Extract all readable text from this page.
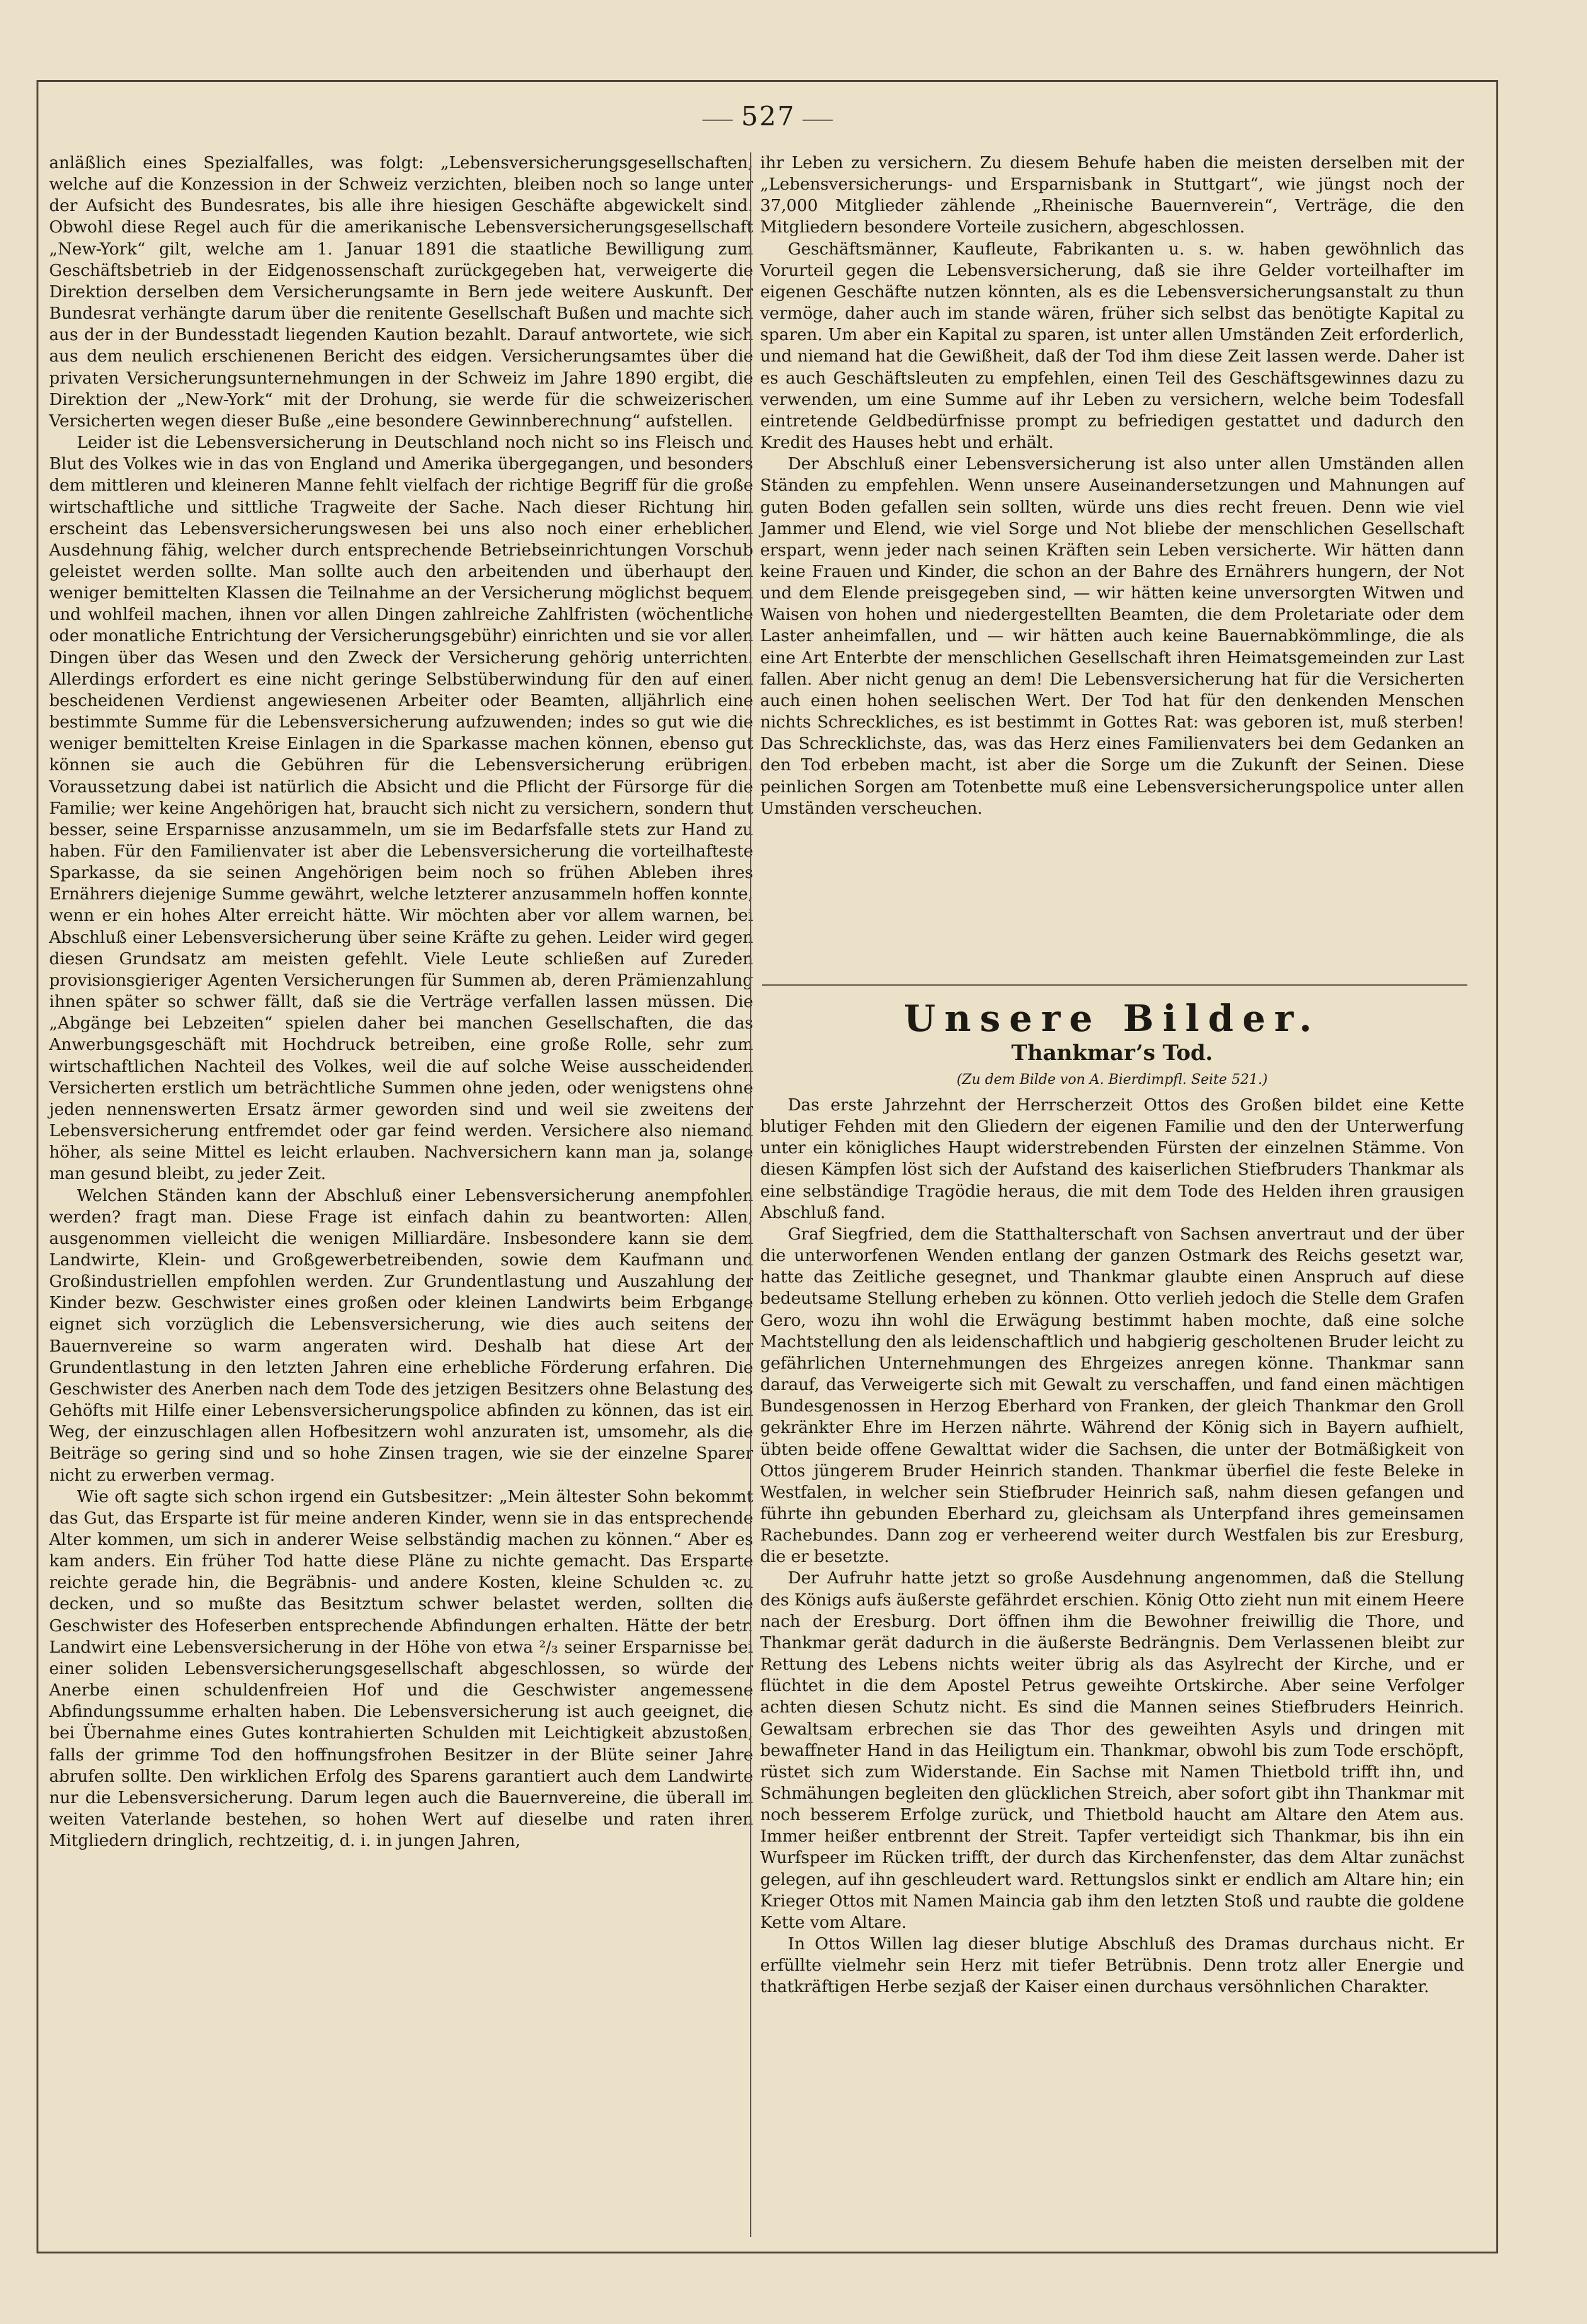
⸺ 527 ⸺

anläßlich eines Spezialfalles, was folgt: „Lebensversicherungsgesellschaften, welche auf die Konzession in der Schweiz verzichten, bleiben noch so lange unter der Aufsicht des Bundesrates, bis alle ihre hiesigen Geschäfte abgewickelt sind. Obwohl diese Regel auch für die amerikanische Lebensversicherungsgesellschaft „New-York“ gilt, welche am 1. Januar 1891 die staatliche Bewilligung zum Geschäftsbetrieb in der Eidgenossenschaft zurückgegeben hat, verweigerte die Direktion derselben dem Versicherungsamte in Bern jede weitere Auskunft. Der Bundesrat verhängte darum über die renitente Gesellschaft Bußen und machte sich aus der in der Bundesstadt liegenden Kaution bezahlt. Darauf antwortete, wie sich aus dem neulich erschienenen Bericht des eidgen. Versicherungsamtes über die privaten Versicherungsunternehmungen in der Schweiz im Jahre 1890 ergibt, die Direktion der „New-York“ mit der Drohung, sie werde für die schweizerischen Versicherten wegen dieser Buße „eine besondere Gewinnberechnung“ aufstellen.

Leider ist die Lebensversicherung in Deutschland noch nicht so ins Fleisch und Blut des Volkes wie in das von England und Amerika übergegangen, und besonders dem mittleren und kleineren Manne fehlt vielfach der richtige Begriff für die große wirtschaftliche und sittliche Tragweite der Sache. Nach dieser Richtung hin erscheint das Lebensversicherungswesen bei uns also noch einer erheblichen Ausdehnung fähig, welcher durch entsprechende Betriebseinrichtungen Vorschub geleistet werden sollte. Man sollte auch den arbeitenden und überhaupt den weniger bemittelten Klassen die Teilnahme an der Versicherung möglichst bequem und wohlfeil machen, ihnen vor allen Dingen zahlreiche Zahlfristen (wöchentliche oder monatliche Entrichtung der Versicherungsgebühr) einrichten und sie vor allen Dingen über das Wesen und den Zweck der Versicherung gehörig unterrichten. Allerdings erfordert es eine nicht geringe Selbstüberwindung für den auf einen bescheidenen Verdienst angewiesenen Arbeiter oder Beamten, alljährlich eine bestimmte Summe für die Lebensversicherung aufzuwenden; indes so gut wie die weniger bemittelten Kreise Einlagen in die Sparkasse machen können, ebenso gut können sie auch die Gebühren für die Lebensversicherung erübrigen. Voraussetzung dabei ist natürlich die Absicht und die Pflicht der Fürsorge für die Familie; wer keine Angehörigen hat, braucht sich nicht zu versichern, sondern thut besser, seine Ersparnisse anzusammeln, um sie im Bedarfsfalle stets zur Hand zu haben. Für den Familienvater ist aber die Lebensversicherung die vorteilhafteste Sparkasse, da sie seinen Angehörigen beim noch so frühen Ableben ihres Ernährers diejenige Summe gewährt, welche letzterer anzusammeln hoffen konnte, wenn er ein hohes Alter erreicht hätte. Wir möchten aber vor allem warnen, bei Abschluß einer Lebensversicherung über seine Kräfte zu gehen. Leider wird gegen diesen Grundsatz am meisten gefehlt. Viele Leute schließen auf Zureden provisionsgieriger Agenten Versicherungen für Summen ab, deren Prämienzahlung ihnen später so schwer fällt, daß sie die Verträge verfallen lassen müssen. Die „Abgänge bei Lebzeiten“ spielen daher bei manchen Gesellschaften, die das Anwerbungsgeschäft mit Hochdruck betreiben, eine große Rolle, sehr zum wirtschaftlichen Nachteil des Volkes, weil die auf solche Weise ausscheidenden Versicherten erstlich um beträchtliche Summen ohne jeden, oder wenigstens ohne jeden nennenswerten Ersatz ärmer geworden sind und weil sie zweitens der Lebensversicherung entfremdet oder gar feind werden. Versichere also niemand höher, als seine Mittel es leicht erlauben. Nachversichern kann man ja, solange man gesund bleibt, zu jeder Zeit.

Welchen Ständen kann der Abschluß einer Lebensversicherung anempfohlen werden? fragt man. Diese Frage ist einfach dahin zu beantworten: Allen, ausgenommen vielleicht die wenigen Milliardäre. Insbesondere kann sie dem Landwirte, Klein- und Großgewerbetreibenden, sowie dem Kaufmann und Großindustriellen empfohlen werden. Zur Grundentlastung und Auszahlung der Kinder bezw. Geschwister eines großen oder kleinen Landwirts beim Erbgange eignet sich vorzüglich die Lebensversicherung, wie dies auch seitens der Bauernvereine so warm angeraten wird. Deshalb hat diese Art der Grundentlastung in den letzten Jahren eine erhebliche Förderung erfahren. Die Geschwister des Anerben nach dem Tode des jetzigen Besitzers ohne Belastung des Gehöfts mit Hilfe einer Lebensversicherungspolice abfinden zu können, das ist ein Weg, der einzuschlagen allen Hofbesitzern wohl anzuraten ist, umsomehr, als die Beiträge so gering sind und so hohe Zinsen tragen, wie sie der einzelne Sparer nicht zu erwerben vermag.

Wie oft sagte sich schon irgend ein Gutsbesitzer: „Mein ältester Sohn bekommt das Gut, das Ersparte ist für meine anderen Kinder, wenn sie in das entsprechende Alter kommen, um sich in anderer Weise selbständig machen zu können.“ Aber es kam anders. Ein früher Tod hatte diese Pläne zu nichte gemacht. Das Ersparte reichte gerade hin, die Begräbnis- und andere Kosten, kleine Schulden ꝛc. zu decken, und so mußte das Besitztum schwer belastet werden, sollten die Geschwister des Hofeserben entsprechende Abfindungen erhalten. Hätte der betr. Landwirt eine Lebensversicherung in der Höhe von etwa ²/₃ seiner Ersparnisse bei einer soliden Lebensversicherungsgesellschaft abgeschlossen, so würde der Anerbe einen schuldenfreien Hof und die Geschwister angemessene Abfindungssumme erhalten haben. Die Lebensversicherung ist auch geeignet, die bei Übernahme eines Gutes kontrahierten Schulden mit Leichtigkeit abzustoßen, falls der grimme Tod den hoffnungsfrohen Besitzer in der Blüte seiner Jahre abrufen sollte. Den wirklichen Erfolg des Sparens garantiert auch dem Landwirte nur die Lebensversicherung. Darum legen auch die Bauernvereine, die überall im weiten Vaterlande bestehen, so hohen Wert auf dieselbe und raten ihren Mitgliedern dringlich, rechtzeitig, d. i. in jungen Jahren,

ihr Leben zu versichern. Zu diesem Behufe haben die meisten derselben mit der „Lebensversicherungs- und Ersparnisbank in Stuttgart“, wie jüngst noch der 37,000 Mitglieder zählende „Rheinische Bauernverein“, Verträge, die den Mitgliedern besondere Vorteile zusichern, abgeschlossen.

Geschäftsmänner, Kaufleute, Fabrikanten u. s. w. haben gewöhnlich das Vorurteil gegen die Lebensversicherung, daß sie ihre Gelder vorteilhafter im eigenen Geschäfte nutzen könnten, als es die Lebensversicherungsanstalt zu thun vermöge, daher auch im stande wären, früher sich selbst das benötigte Kapital zu sparen. Um aber ein Kapital zu sparen, ist unter allen Umständen Zeit erforderlich, und niemand hat die Gewißheit, daß der Tod ihm diese Zeit lassen werde. Daher ist es auch Geschäftsleuten zu empfehlen, einen Teil des Geschäftsgewinnes dazu zu verwenden, um eine Summe auf ihr Leben zu versichern, welche beim Todesfall eintretende Geldbedürfnisse prompt zu befriedigen gestattet und dadurch den Kredit des Hauses hebt und erhält.

Der Abschluß einer Lebensversicherung ist also unter allen Umständen allen Ständen zu empfehlen. Wenn unsere Auseinandersetzungen und Mahnungen auf guten Boden gefallen sein sollten, würde uns dies recht freuen. Denn wie viel Jammer und Elend, wie viel Sorge und Not bliebe der menschlichen Gesellschaft erspart, wenn jeder nach seinen Kräften sein Leben versicherte. Wir hätten dann keine Frauen und Kinder, die schon an der Bahre des Ernährers hungern, der Not und dem Elende preisgegeben sind, — wir hätten keine unversorgten Witwen und Waisen von hohen und niedergestellten Beamten, die dem Proletariate oder dem Laster anheimfallen, und — wir hätten auch keine Bauernabkömmlinge, die als eine Art Enterbte der menschlichen Gesellschaft ihren Heimatsgemeinden zur Last fallen. Aber nicht genug an dem! Die Lebensversicherung hat für die Versicherten auch einen hohen seelischen Wert. Der Tod hat für den denkenden Menschen nichts Schreckliches, es ist bestimmt in Gottes Rat: was geboren ist, muß sterben! Das Schrecklichste, das, was das Herz eines Familienvaters bei dem Gedanken an den Tod erbeben macht, ist aber die Sorge um die Zukunft der Seinen. Diese peinlichen Sorgen am Totenbette muß eine Lebensversicherungspolice unter allen Umständen verscheuchen.

Unsere Bilder.
Thankmar’s Tod.
(Zu dem Bilde von A. Bierdimpfl. Seite 521.)

Das erste Jahrzehnt der Herrscherzeit Ottos des Großen bildet eine Kette blutiger Fehden mit den Gliedern der eigenen Familie und den der Unterwerfung unter ein königliches Haupt widerstrebenden Fürsten der einzelnen Stämme. Von diesen Kämpfen löst sich der Aufstand des kaiserlichen Stiefbruders Thankmar als eine selbständige Tragödie heraus, die mit dem Tode des Helden ihren grausigen Abschluß fand.

Graf Siegfried, dem die Statthalterschaft von Sachsen anvertraut und der über die unterworfenen Wenden entlang der ganzen Ostmark des Reichs gesetzt war, hatte das Zeitliche gesegnet, und Thankmar glaubte einen Anspruch auf diese bedeutsame Stellung erheben zu können. Otto verlieh jedoch die Stelle dem Grafen Gero, wozu ihn wohl die Erwägung bestimmt haben mochte, daß eine solche Machtstellung den als leidenschaftlich und habgierig gescholtenen Bruder leicht zu gefährlichen Unternehmungen des Ehrgeizes anregen könne. Thankmar sann darauf, das Verweigerte sich mit Gewalt zu verschaffen, und fand einen mächtigen Bundesgenossen in Herzog Eberhard von Franken, der gleich Thankmar den Groll gekränkter Ehre im Herzen nährte. Während der König sich in Bayern aufhielt, übten beide offene Gewalttat wider die Sachsen, die unter der Botmäßigkeit von Ottos jüngerem Bruder Heinrich standen. Thankmar überfiel die feste Beleke in Westfalen, in welcher sein Stiefbruder Heinrich saß, nahm diesen gefangen und führte ihn gebunden Eberhard zu, gleichsam als Unterpfand ihres gemeinsamen Rachebundes. Dann zog er verheerend weiter durch Westfalen bis zur Eresburg, die er besetzte.

Der Aufruhr hatte jetzt so große Ausdehnung angenommen, daß die Stellung des Königs aufs äußerste gefährdet erschien. König Otto zieht nun mit einem Heere nach der Eresburg. Dort öffnen ihm die Bewohner freiwillig die Thore, und Thankmar gerät dadurch in die äußerste Bedrängnis. Dem Verlassenen bleibt zur Rettung des Lebens nichts weiter übrig als das Asylrecht der Kirche, und er flüchtet in die dem Apostel Petrus geweihte Ortskirche. Aber seine Verfolger achten diesen Schutz nicht. Es sind die Mannen seines Stiefbruders Heinrich. Gewaltsam erbrechen sie das Thor des geweihten Asyls und dringen mit bewaffneter Hand in das Heiligtum ein. Thankmar, obwohl bis zum Tode erschöpft, rüstet sich zum Widerstande. Ein Sachse mit Namen Thietbold trifft ihn, und Schmähungen begleiten den glücklichen Streich, aber sofort gibt ihn Thankmar mit noch besserem Erfolge zurück, und Thietbold haucht am Altare den Atem aus. Immer heißer entbrennt der Streit. Tapfer verteidigt sich Thankmar, bis ihn ein Wurfspeer im Rücken trifft, der durch das Kirchenfenster, das dem Altar zunächst gelegen, auf ihn geschleudert ward. Rettungslos sinkt er endlich am Altare hin; ein Krieger Ottos mit Namen Maincia gab ihm den letzten Stoß und raubte die goldene Kette vom Altare.

In Ottos Willen lag dieser blutige Abschluß des Dramas durchaus nicht. Er erfüllte vielmehr sein Herz mit tiefer Betrübnis. Denn trotz aller Energie und thatkräftigen Herbe sezjaß der Kaiser einen durchaus versöhnlichen Charakter.
